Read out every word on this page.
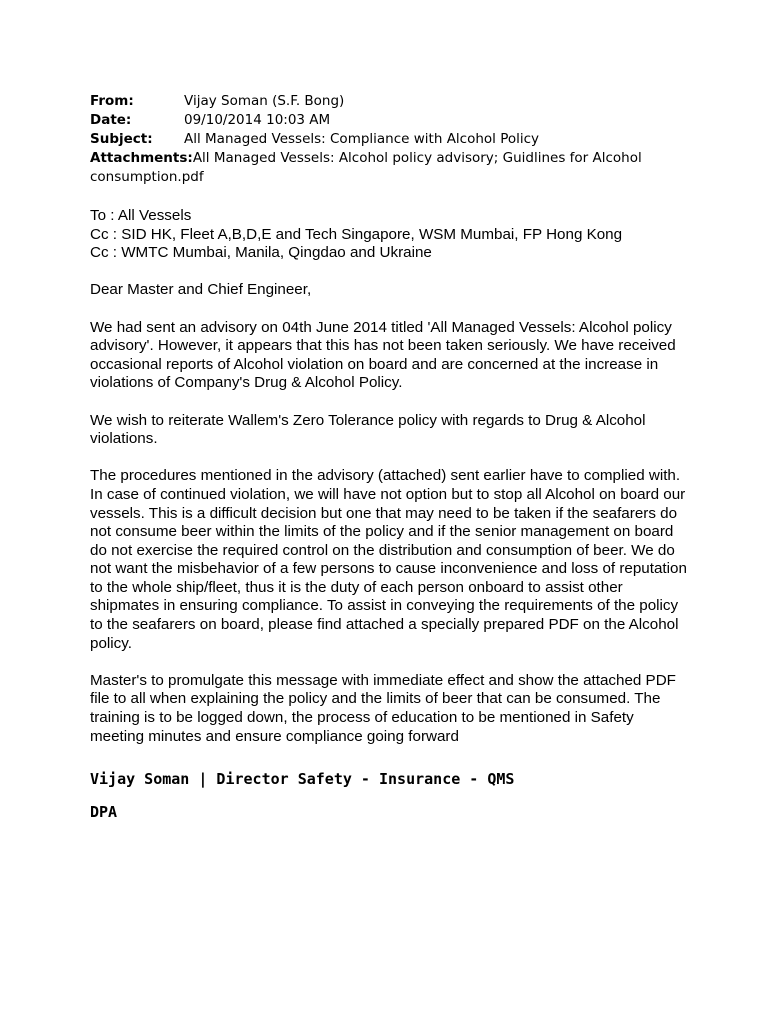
From:	Vijay Soman (S.F. Bong)
Date:	09/10/2014 10:03 AM
Subject:	All Managed Vessels: Compliance with Alcohol Policy
Attachments:All Managed Vessels: Alcohol policy advisory; Guidlines for Alcohol consumption.pdf

To : All Vessels

Cc : SID HK, Fleet A,B,D,E and Tech Singapore, WSM Mumbai, FP Hong Kong

Cc : WMTC Mumbai, Manila, Qingdao and Ukraine

Dear Master and Chief Engineer,

We had sent an advisory on 04th June 2014 titled 'All Managed Vessels: Alcohol policy advisory'. However, it appears that this has not been taken seriously. We have received occasional reports of Alcohol violation on board and are concerned at the increase in violations of Company's Drug & Alcohol Policy.

We wish to reiterate Wallem's Zero Tolerance policy with regards to Drug & Alcohol violations.

The procedures mentioned in the advisory (attached) sent earlier have to complied with. In case of continued violation, we will have not option but to stop all Alcohol on board our vessels. This is a difficult decision but one that may need to be taken if the seafarers do not consume beer within the limits of the policy and if the senior management on board do not exercise the required control on the distribution and consumption of beer. We do not want the misbehavior of a few persons to cause inconvenience and loss of reputation to the whole ship/fleet, thus it is the duty of each person onboard to assist other shipmates in ensuring compliance. To assist in conveying the requirements of the policy to the seafarers on board, please find attached a specially prepared PDF on the Alcohol policy.

Master's to promulgate this message with immediate effect and show the attached PDF file to all when explaining the policy and the limits of beer that can be consumed. The training is to be logged down, the process of education to be mentioned in Safety meeting minutes and ensure compliance going forward

Vijay Soman | Director Safety - Insurance - QMS
DPA
